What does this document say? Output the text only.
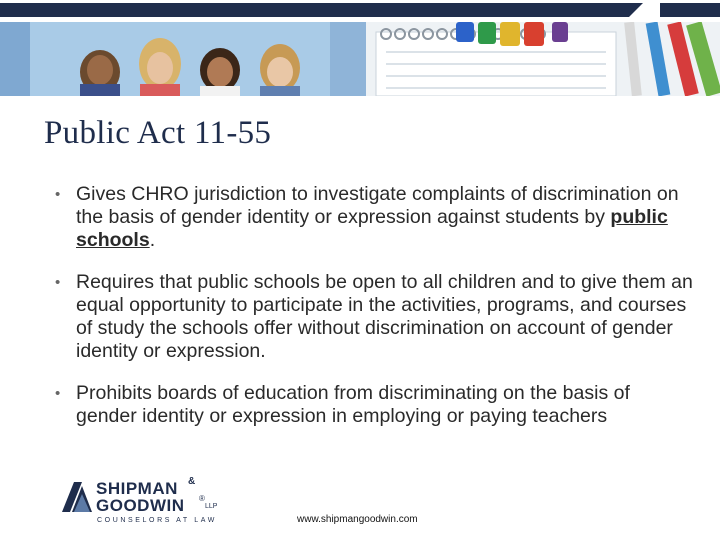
Public Act 11-55
• Gives CHRO jurisdiction to investigate complaints of discrimination on the basis of gender identity or expression against students by public schools.
• Requires that public schools be open to all children and to give them an equal opportunity to participate in the activities, programs, and courses of study the schools offer without discrimination on account of gender identity or expression.
• Prohibits boards of education from discriminating on the basis of gender identity or expression in employing or paying teachers
SHIPMAN &
GOODWIN ®
LLP
COUNSELORS AT LAW	www.shipmangoodwin.com
